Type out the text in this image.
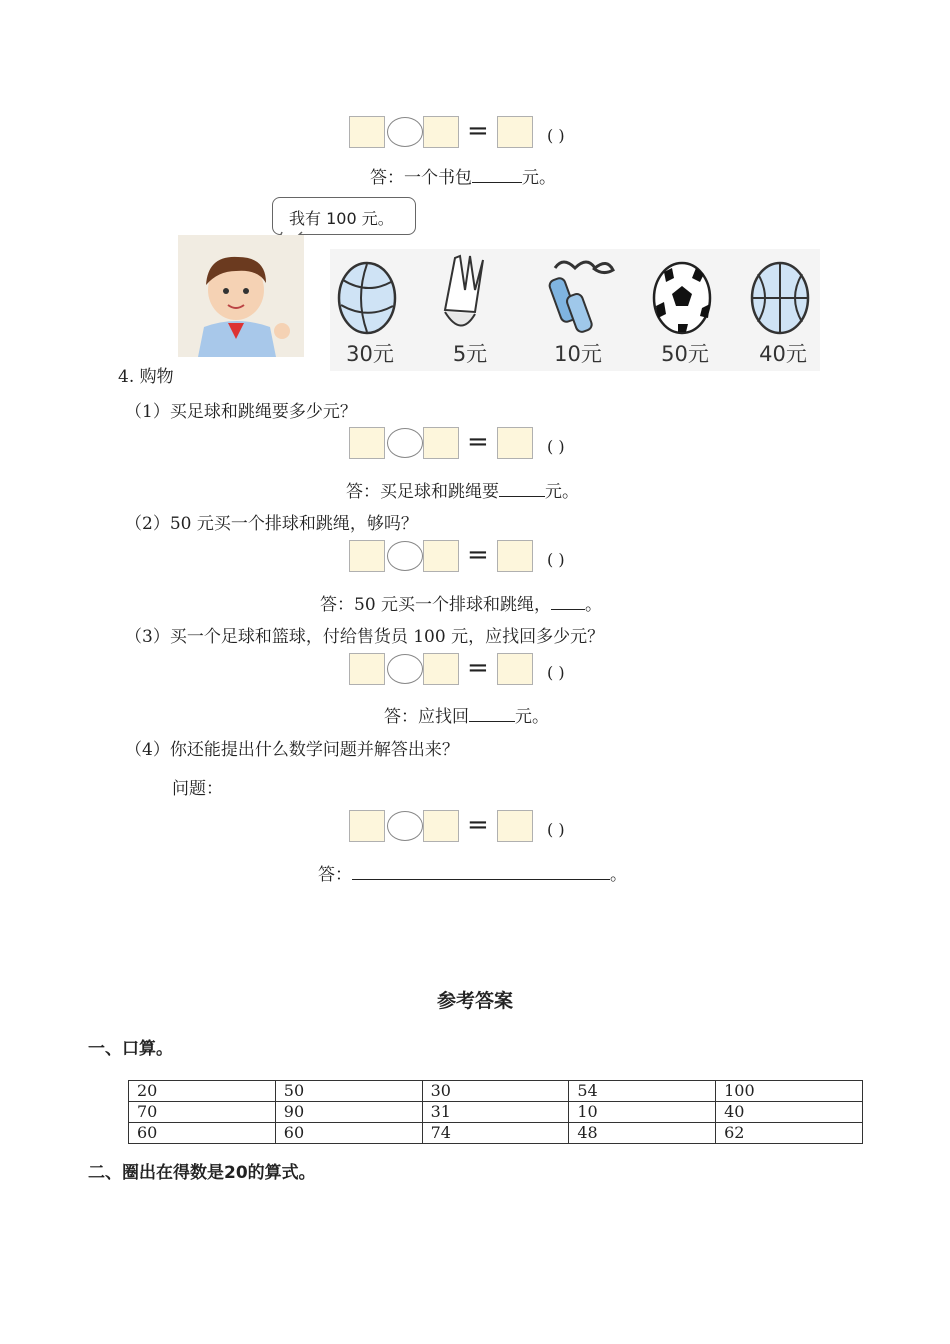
=	( )
答：一个书包	元。
我有 100 元。
30元	5元	10元	50元	40元
4. 购物
（1）买足球和跳绳要多少元？
=	( )
答：买足球和跳绳要	元。
（2）50 元买一个排球和跳绳，够吗？
=	( )
答：50 元买一个排球和跳绳， 。
（3）买一个足球和篮球，付给售货员 100 元，应找回多少元？
=	( )
答：应找回	元。
（4）你还能提出什么数学问题并解答出来？
问题：
=	( )
答：	。
参考答案
一、口算。
20	50	30	54	100
70	90	31	10	40
60	60	74	48	62
二、圈出在得数是20的算式。
